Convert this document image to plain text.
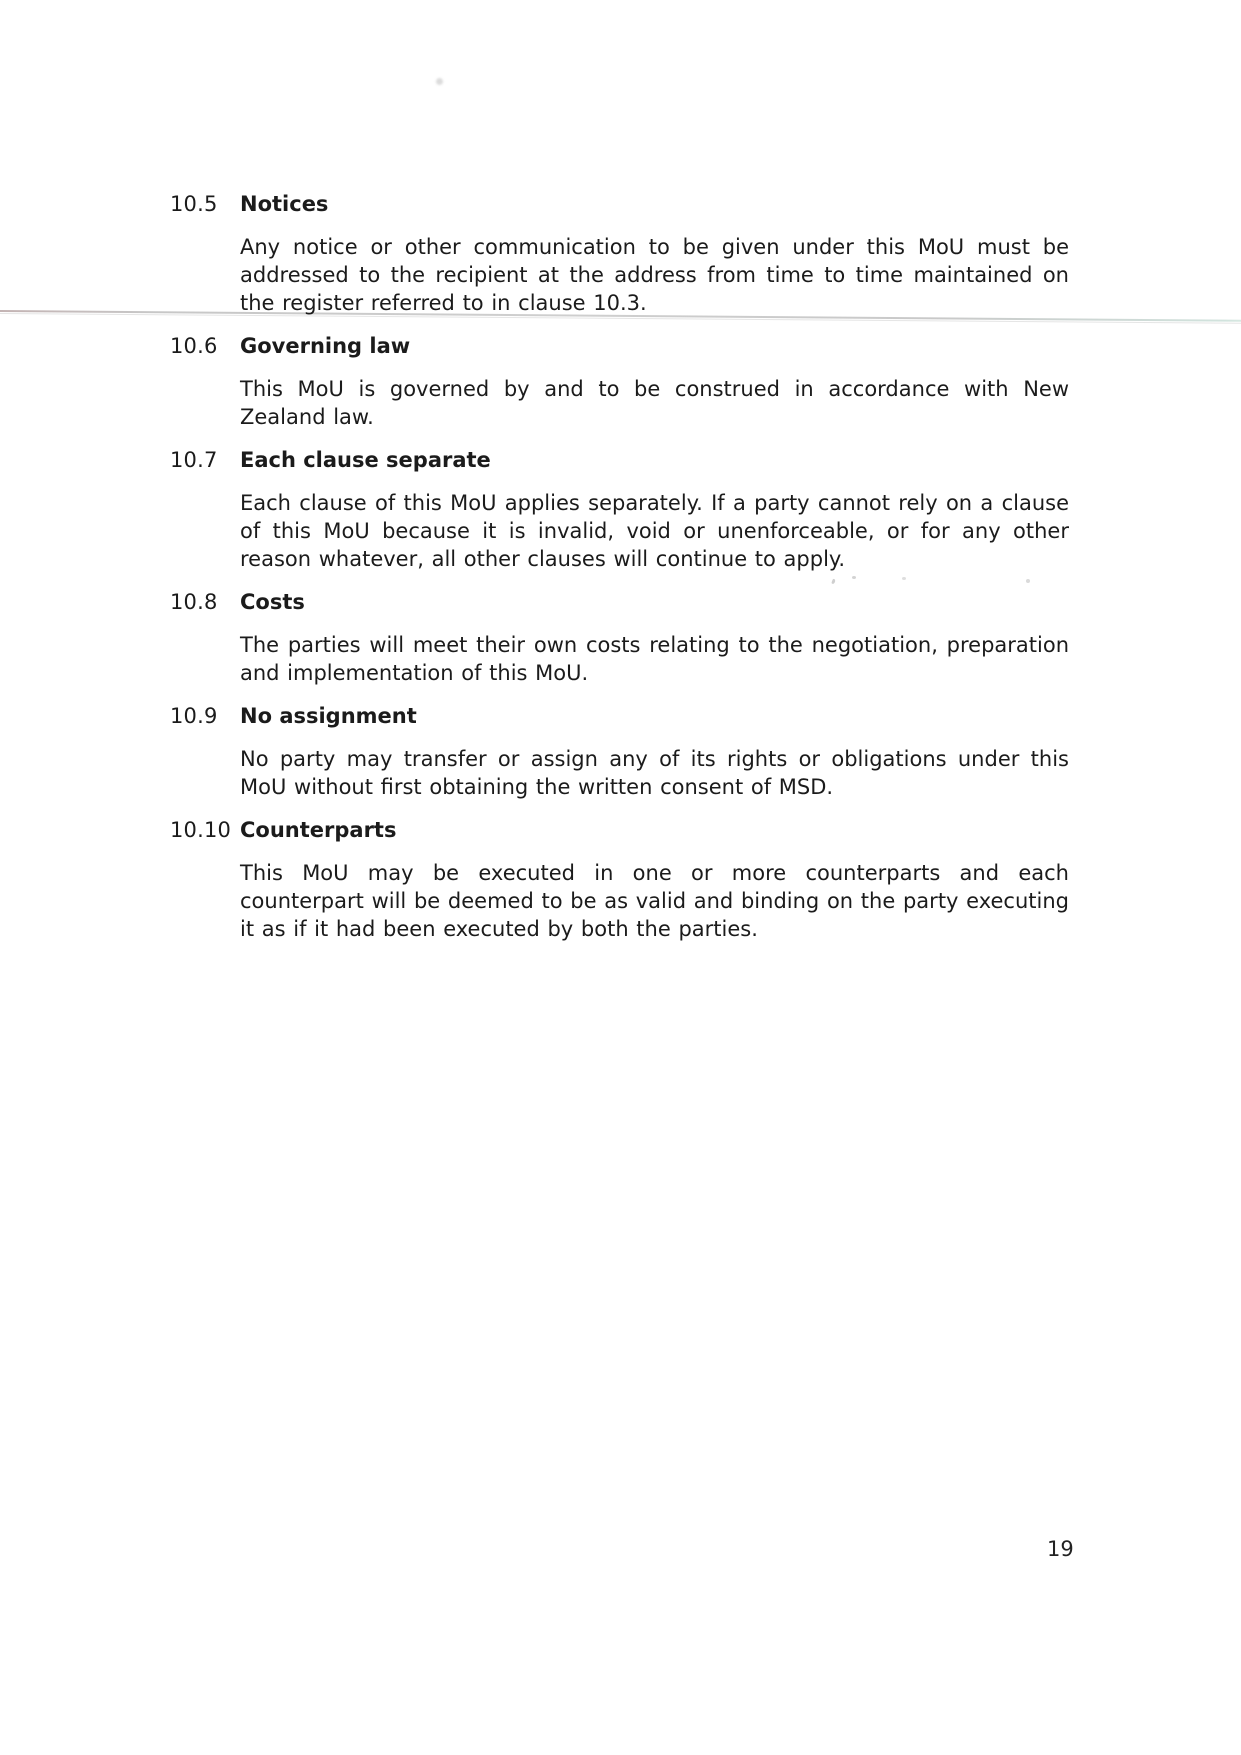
10.5	Notices

Any notice or other communication to be given under this MoU must be addressed to the recipient at the address from time to time maintained on the register referred to in clause 10.3.

10.6	Governing law

This MoU is governed by and to be construed in accordance with New Zealand law.

10.7	Each clause separate

Each clause of this MoU applies separately. If a party cannot rely on a clause of this MoU because it is invalid, void or unenforceable, or for any other reason whatever, all other clauses will continue to apply.

10.8	Costs

The parties will meet their own costs relating to the negotiation, preparation and implementation of this MoU.

10.9	No assignment

No party may transfer or assign any of its rights or obligations under this MoU without first obtaining the written consent of MSD.

10.10 Counterparts

This MoU may be executed in one or more counterparts and each counterpart will be deemed to be as valid and binding on the party executing it as if it had been executed by both the parties.

19
